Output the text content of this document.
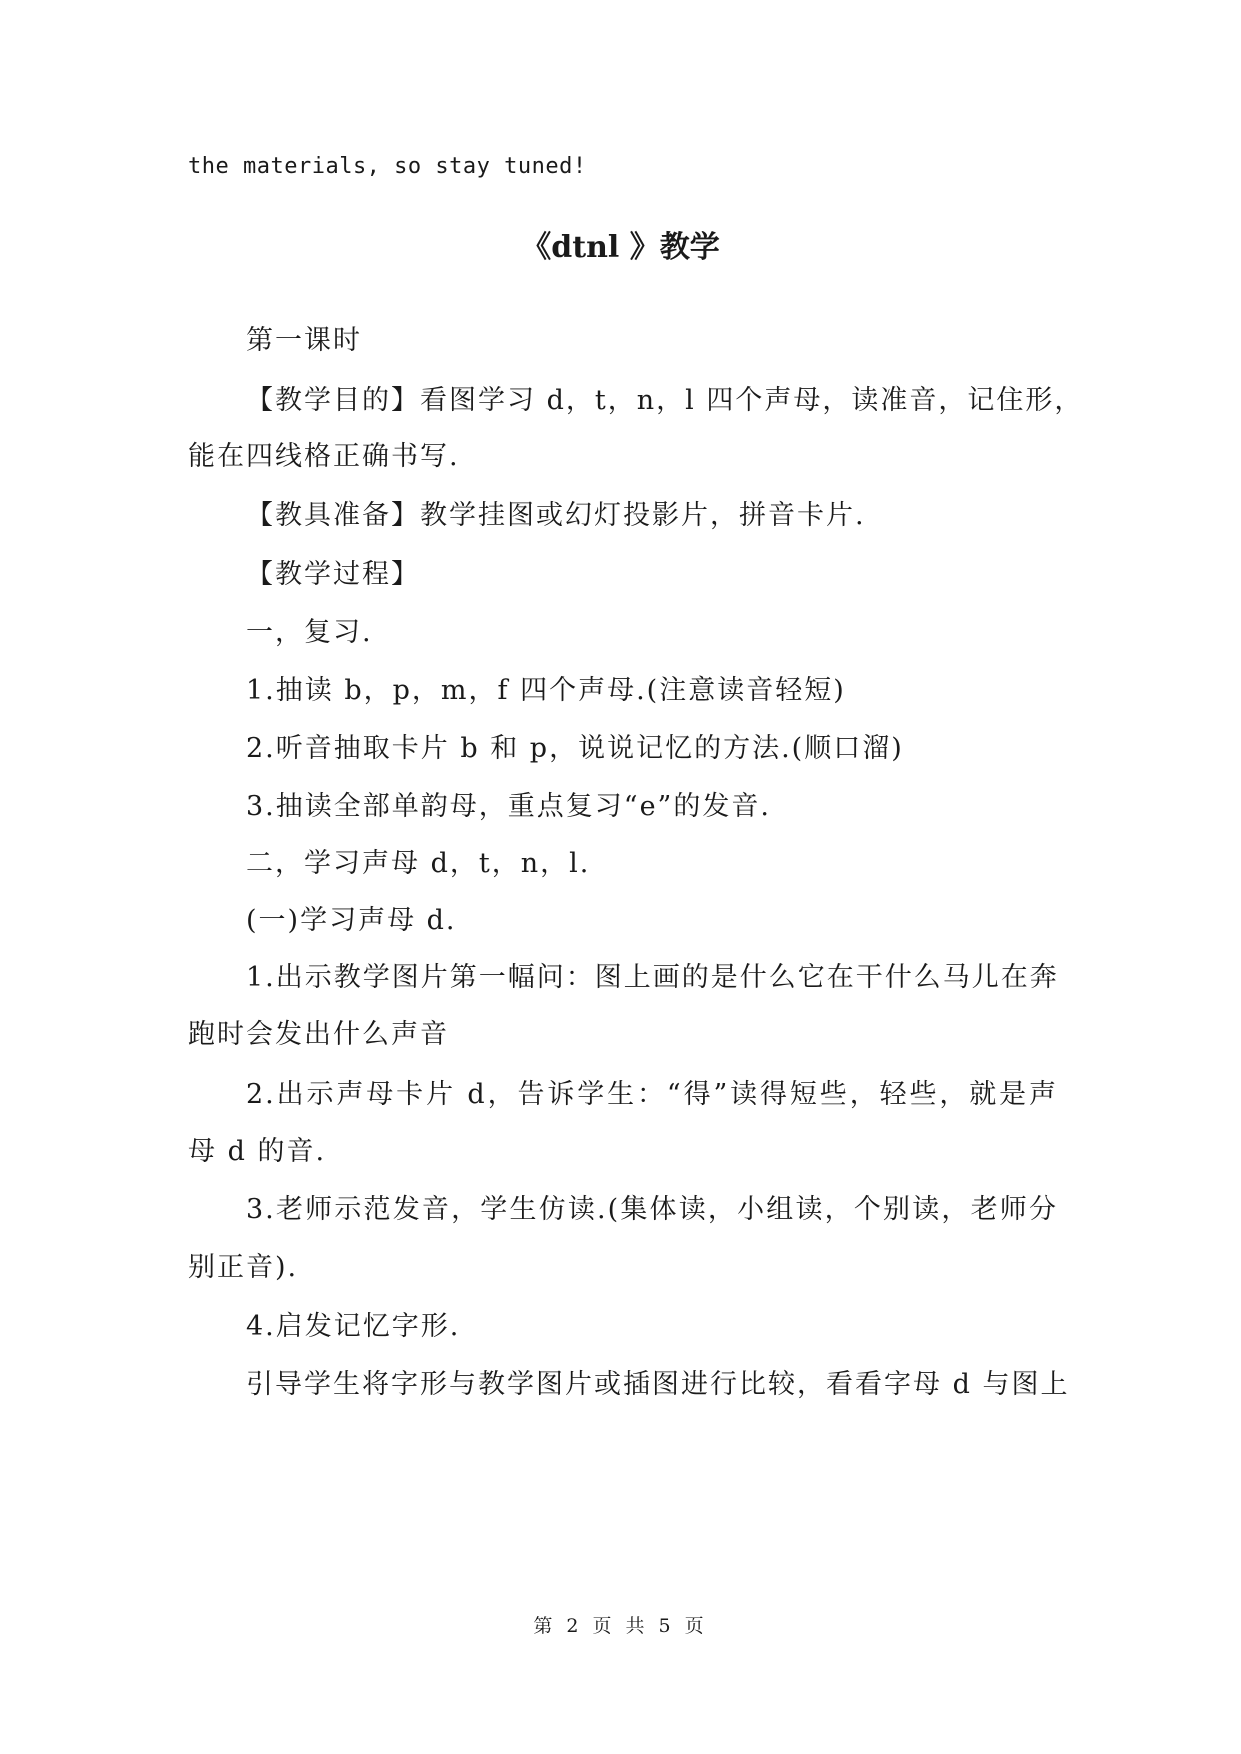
the materials, so stay tuned!
《dtnl 》教学
第一课时
【教学目的】看图学习 d，t，n，l 四个声母，读准音，记住形，
能在四线格正确书写.
【教具准备】教学挂图或幻灯投影片，拼音卡片.
【教学过程】
一，复习.
1.抽读 b，p，m，f 四个声母.(注意读音轻短)
2.听音抽取卡片 b 和 p，说说记忆的方法.(顺口溜)
3.抽读全部单韵母，重点复习“e”的发音.
二，学习声母 d，t，n，l.
(一)学习声母 d.
1.出示教学图片第一幅问：图上画的是什么它在干什么马儿在奔
跑时会发出什么声音
2.出示声母卡片 d，告诉学生：“得”读得短些，轻些，就是声
母 d 的音.
3.老师示范发音，学生仿读.(集体读，小组读，个别读，老师分
别正音).
4.启发记忆字形.
引导学生将字形与教学图片或插图进行比较，看看字母 d 与图上
第 2 页 共 5 页
